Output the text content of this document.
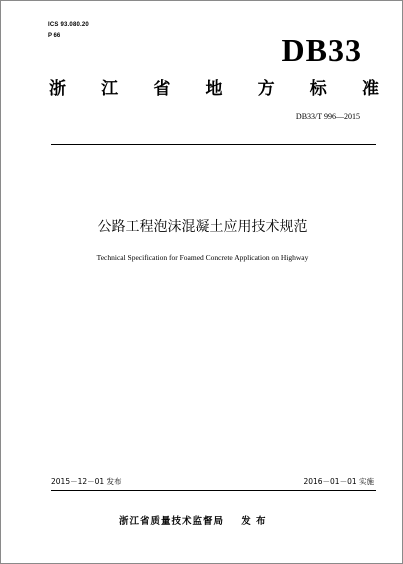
ICS 93.080.20
P 66	DB33
浙 江 省 地 方 标 准
DB33/T 996—2015
公路工程泡沫混凝土应用技术规范
Technical Specification for Foamed Concrete Application on Highway
2015－12－01 发布	2016－01－01 实施
浙江省质量技术监督局    发 布
